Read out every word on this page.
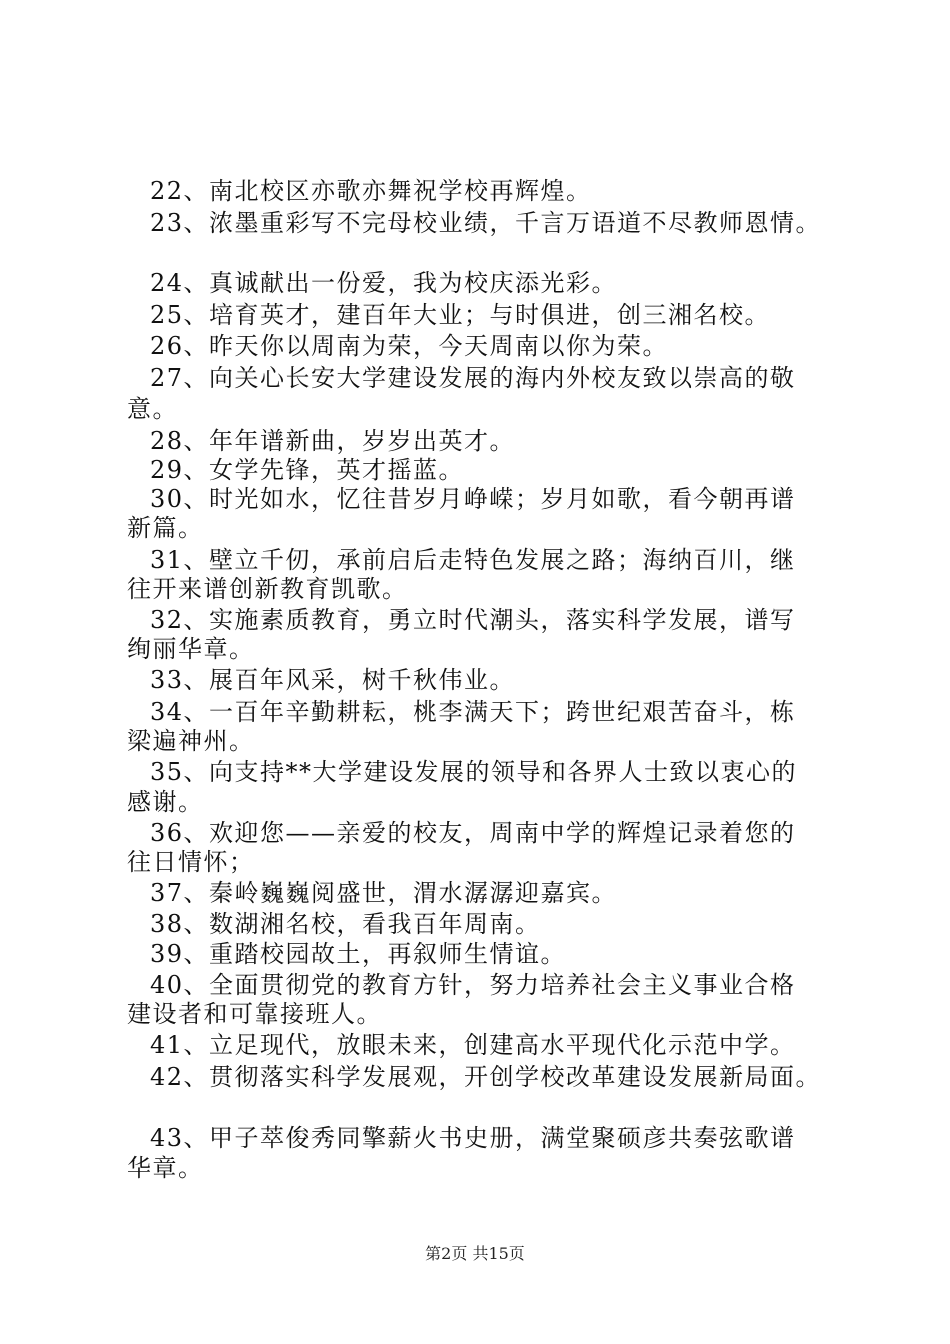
22、南北校区亦歌亦舞祝学校再辉煌。
23、浓墨重彩写不完母校业绩，千言万语道不尽教师恩情。
24、真诚献出一份爱，我为校庆添光彩。
25、培育英才，建百年大业；与时俱进，创三湘名校。
26、昨天你以周南为荣，今天周南以你为荣。
27、向关心长安大学建设发展的海内外校友致以崇高的敬
意。
28、年年谱新曲，岁岁出英才。
29、女学先锋，英才摇蓝。
30、时光如水，忆往昔岁月峥嵘；岁月如歌，看今朝再谱
新篇。
31、壁立千仞，承前启后走特色发展之路；海纳百川，继
往开来谱创新教育凯歌。
32、实施素质教育，勇立时代潮头，落实科学发展，谱写
绚丽华章。
33、展百年风采，树千秋伟业。
34、一百年辛勤耕耘，桃李满天下；跨世纪艰苦奋斗，栋
梁遍神州。
35、向支持**大学建设发展的领导和各界人士致以衷心的
感谢。
36、欢迎您——亲爱的校友，周南中学的辉煌记录着您的
往日情怀；
37、秦岭巍巍阅盛世，渭水潺潺迎嘉宾。
38、数湖湘名校，看我百年周南。
39、重踏校园故土，再叙师生情谊。
40、全面贯彻党的教育方针，努力培养社会主义事业合格
建设者和可靠接班人。
41、立足现代，放眼未来，创建高水平现代化示范中学。
42、贯彻落实科学发展观，开创学校改革建设发展新局面。
43、甲子萃俊秀同擎薪火书史册，满堂聚硕彦共奏弦歌谱
华章。
第2页 共15页
